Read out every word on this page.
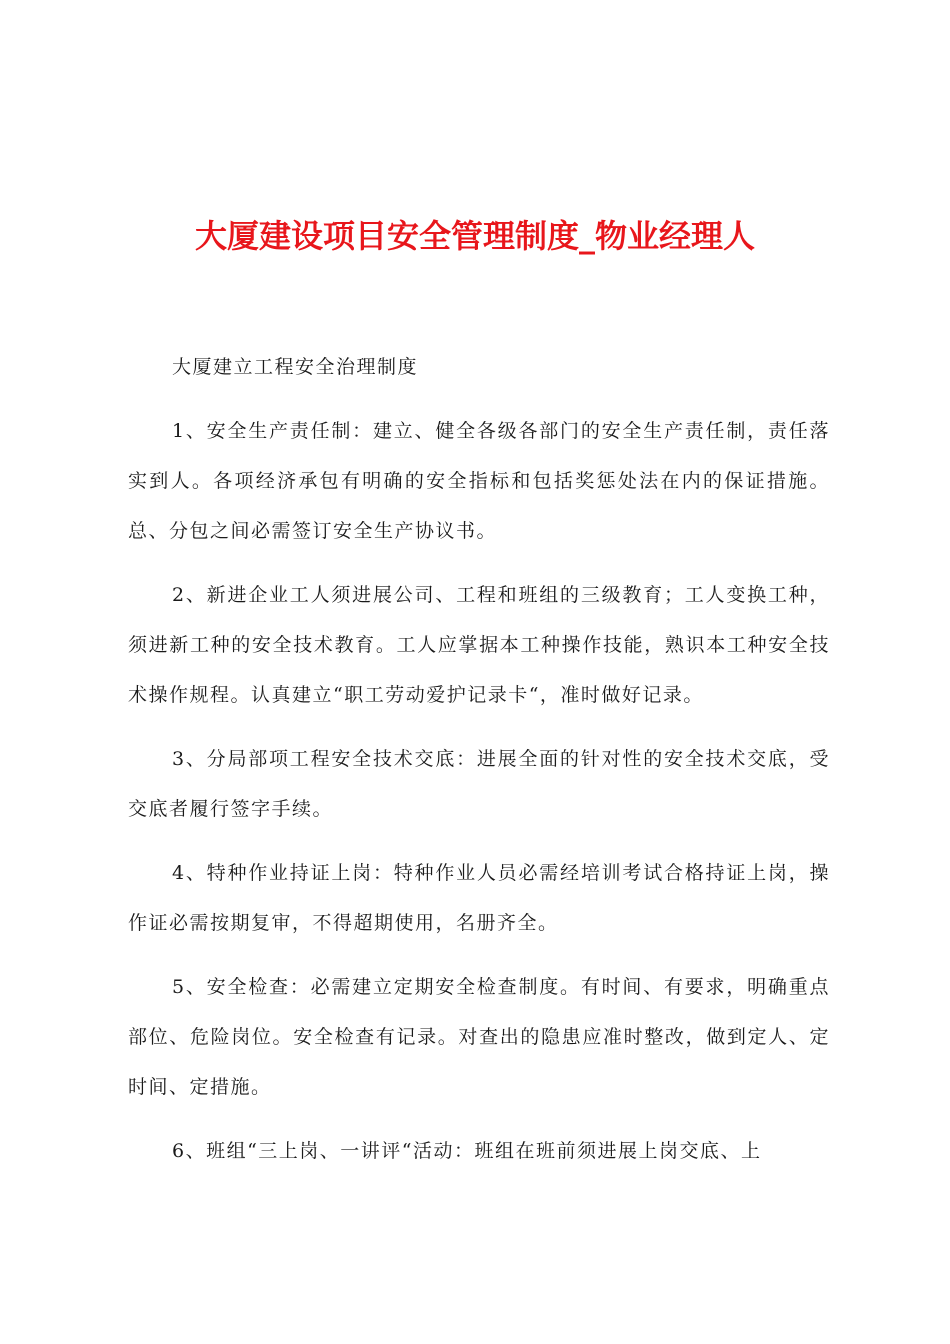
大厦建设项目安全管理制度_物业经理人

大厦建立工程安全治理制度

1、安全生产责任制：建立、健全各级各部门的安全生产责任制，责任落实到人。各项经济承包有明确的安全指标和包括奖惩处法在内的保证措施。总、分包之间必需签订安全生产协议书。

2、新进企业工人须进展公司、工程和班组的三级教育；工人变换工种，须进新工种的安全技术教育。工人应掌据本工种操作技能，熟识本工种安全技术操作规程。认真建立“职工劳动爱护记录卡“，准时做好记录。

3、分局部项工程安全技术交底：进展全面的针对性的安全技术交底，受交底者履行签字手续。

4、特种作业持证上岗：特种作业人员必需经培训考试合格持证上岗，操作证必需按期复审，不得超期使用，名册齐全。

5、安全检查：必需建立定期安全检查制度。有时间、有要求，明确重点部位、危险岗位。安全检查有记录。对查出的隐患应准时整改，做到定人、定时间、定措施。

6、班组“三上岗、一讲评“活动：班组在班前须进展上岗交底、上
